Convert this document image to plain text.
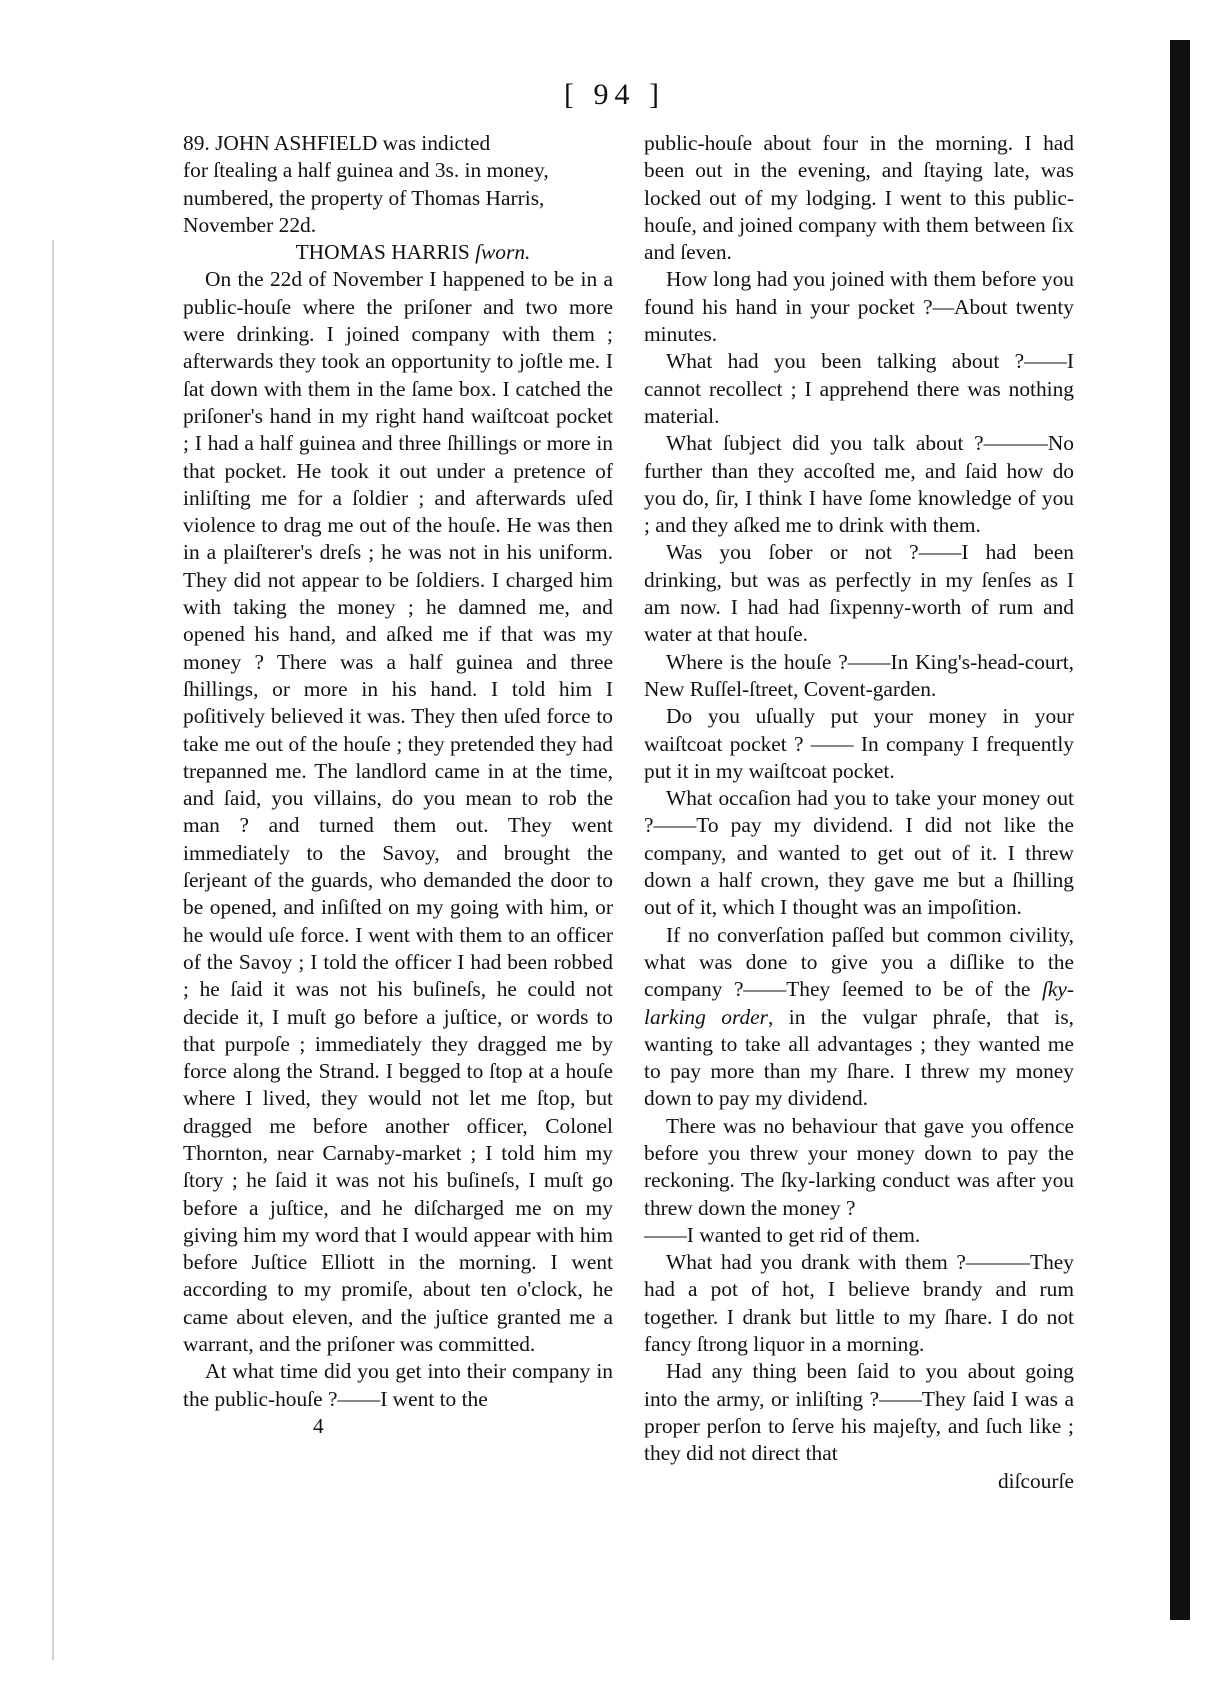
[ 94 ]

89. JOHN ASHFIELD was indicted

for ſtealing a half guinea and 3s. in money,

numbered, the property of Thomas Harris,

November 22d.

THOMAS HARRIS ſworn.

On the 22d of November I happened to be in a public-houſe where the priſoner and two more were drinking. I joined company with them ; afterwards they took an opportunity to joſtle me. I ſat down with them in the ſame box. I catched the priſoner's hand in my right hand waiſtcoat pocket ; I had a half guinea and three ſhillings or more in that pocket. He took it out under a pretence of inliſting me for a ſoldier ; and afterwards uſed violence to drag me out of the houſe. He was then in a plaiſterer's dreſs ; he was not in his uniform. They did not appear to be ſoldiers. I charged him with taking the money ; he damned me, and opened his hand, and aſked me if that was my money ? There was a half guinea and three ſhillings, or more in his hand. I told him I poſitively believed it was. They then uſed force to take me out of the houſe ; they pretended they had trepanned me. The landlord came in at the time, and ſaid, you villains, do you mean to rob the man ? and turned them out. They went immediately to the Savoy, and brought the ſerjeant of the guards, who demanded the door to be opened, and inſiſted on my going with him, or he would uſe force. I went with them to an officer of the Savoy ; I told the officer I had been robbed ; he ſaid it was not his buſineſs, he could not decide it, I muſt go before a juſtice, or words to that purpoſe ; immediately they dragged me by force along the Strand. I begged to ſtop at a houſe where I lived, they would not let me ſtop, but dragged me before another officer, Colonel Thornton, near Carnaby-market ; I told him my ſtory ; he ſaid it was not his buſineſs, I muſt go before a juſtice, and he diſcharged me on my giving him my word that I would appear with him before Juſtice Elliott in the morning. I went according to my promiſe, about ten o'clock, he came about eleven, and the juſtice granted me a warrant, and the priſoner was committed.

At what time did you get into their company in the public-houſe ?——I went to the

4

public-houſe about four in the morning. I had been out in the evening, and ſtaying late, was locked out of my lodging. I went to this public-houſe, and joined company with them between ſix and ſeven.

How long had you joined with them before you found his hand in your pocket ?—About twenty minutes.

What had you been talking about ?——I cannot recollect ; I apprehend there was nothing material.

What ſubject did you talk about ?———No further than they accoſted me, and ſaid how do you do, ſir, I think I have ſome knowledge of you ; and they aſked me to drink with them.

Was you ſober or not ?——I had been drinking, but was as perfectly in my ſenſes as I am now. I had had ſixpenny-worth of rum and water at that houſe.

Where is the houſe ?——In King's-head-court, New Ruſſel-ſtreet, Covent-garden.

Do you uſually put your money in your waiſtcoat pocket ? —— In company I frequently put it in my waiſtcoat pocket.

What occaſion had you to take your money out ?——To pay my dividend. I did not like the company, and wanted to get out of it. I threw down a half crown, they gave me but a ſhilling out of it, which I thought was an impoſition.

If no converſation paſſed but common civility, what was done to give you a diſlike to the company ?——They ſeemed to be of the ſky-larking order, in the vulgar phraſe, that is, wanting to take all advantages ; they wanted me to pay more than my ſhare. I threw my money down to pay my dividend.

There was no behaviour that gave you offence before you threw your money down to pay the reckoning. The ſky-larking conduct was after you threw down the money ?

——I wanted to get rid of them.

What had you drank with them ?———They had a pot of hot, I believe brandy and rum together. I drank but little to my ſhare. I do not fancy ſtrong liquor in a morning.

Had any thing been ſaid to you about going into the army, or inliſting ?——They ſaid I was a proper perſon to ſerve his majeſty, and ſuch like ; they did not direct that

diſcourſe
